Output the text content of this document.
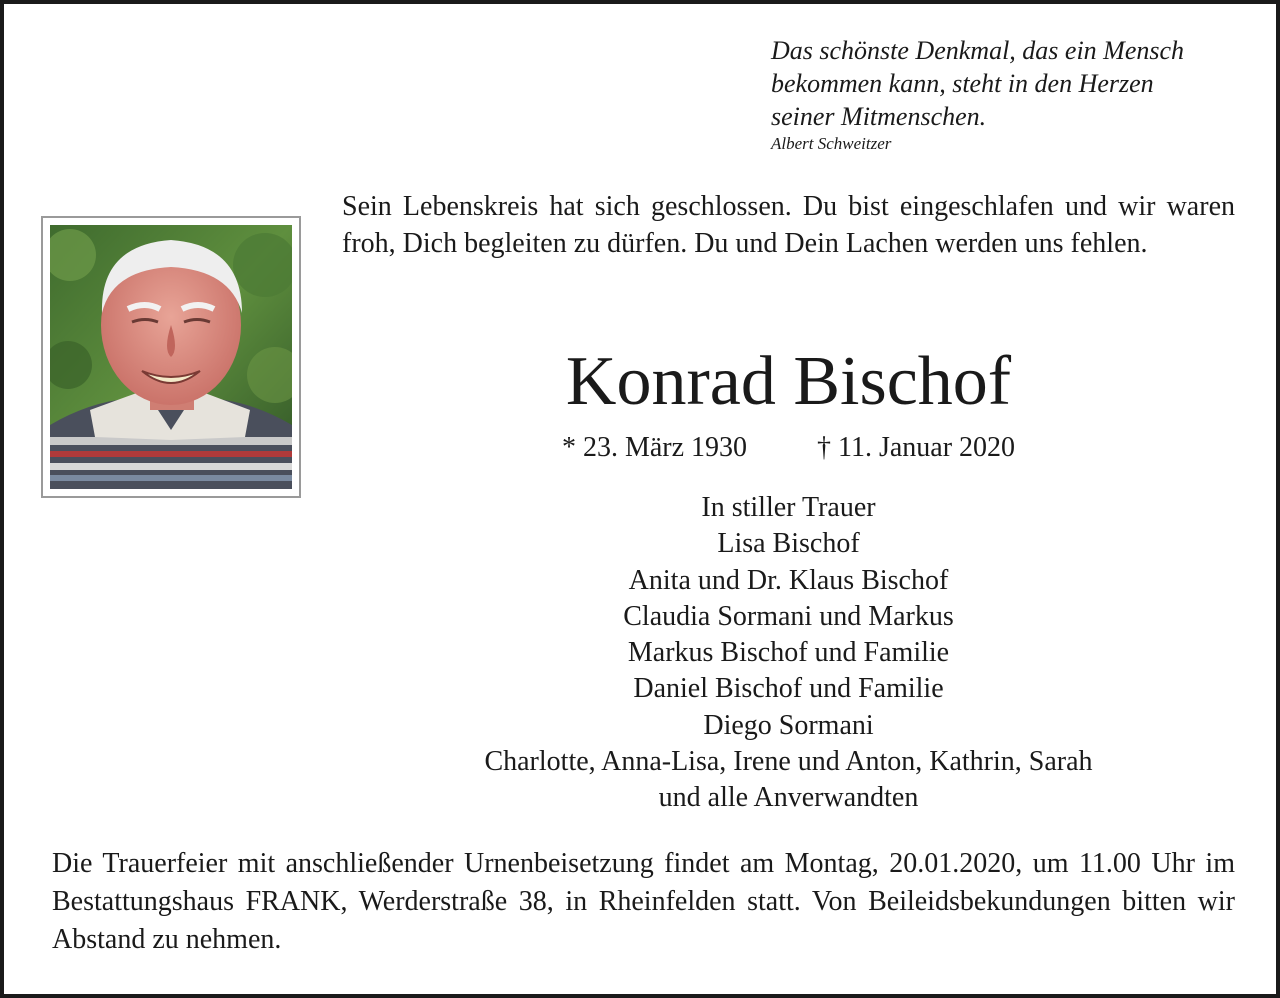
Das schönste Denkmal, das ein Mensch
bekommen kann, steht in den Herzen
seiner Mitmenschen.
Albert Schweitzer
Sein Lebenskreis hat sich geschlossen. Du bist eingeschlafen und wir waren froh, Dich begleiten zu dürfen. Du und Dein Lachen werden uns fehlen.
Konrad Bischof
* 23. März 1930	† 11. Januar 2020
In stiller Trauer
Lisa Bischof
Anita und Dr. Klaus Bischof
Claudia Sormani und Markus
Markus Bischof und Familie
Daniel Bischof und Familie
Diego Sormani
Charlotte, Anna-Lisa, Irene und Anton, Kathrin, Sarah
und alle Anverwandten
Die Trauerfeier mit anschließender Urnenbeisetzung findet am Montag, 20.01.2020, um 11.00 Uhr im Bestattungshaus FRANK, Werderstraße 38, in Rheinfelden statt. Von Beileidsbekundungen bitten wir Abstand zu nehmen.
